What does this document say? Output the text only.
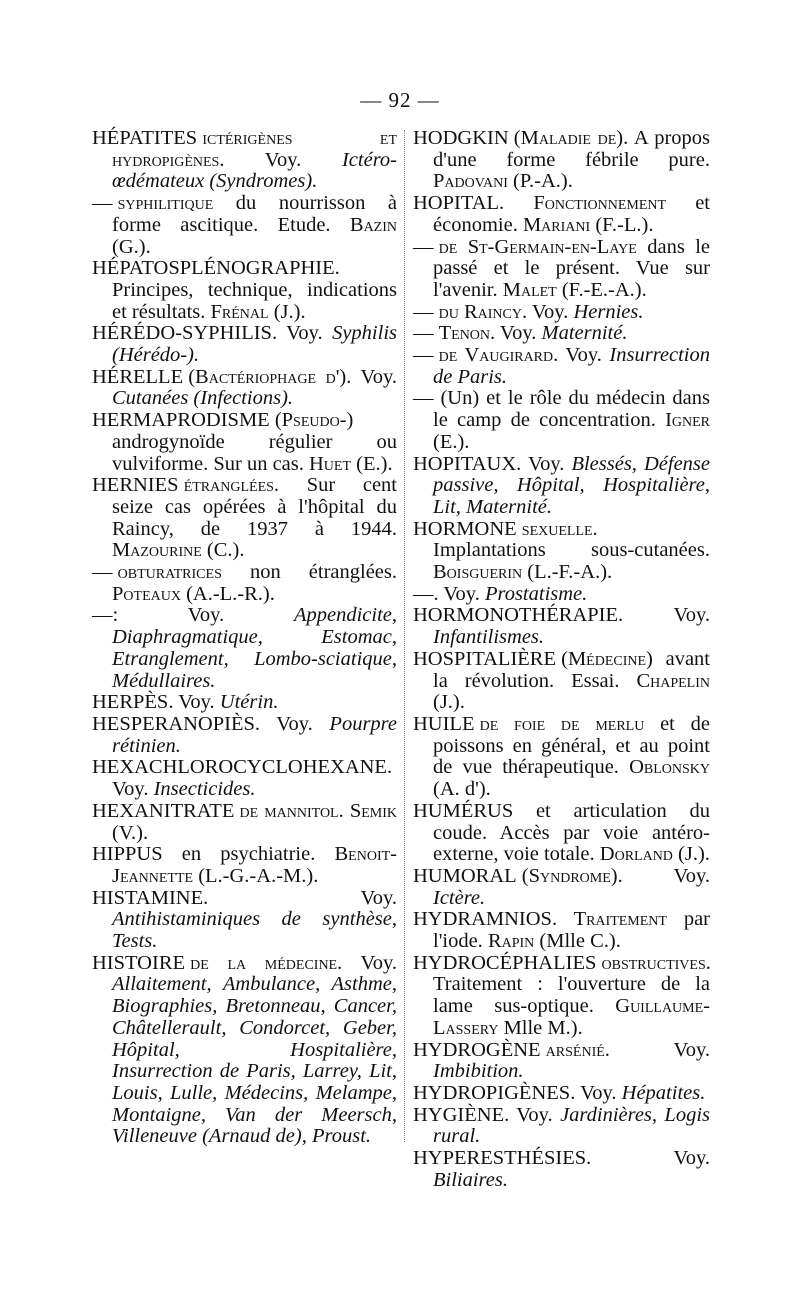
— 92 —

HÉPATITES ictérigènes et hydropigènes. Voy. Ictéro-œdémateux (Syndromes).

— syphilitique du nourrisson à forme ascitique. Etude. Bazin (G.).

HÉPATOSPLÉNOGRAPHIE. Principes, technique, indications et résultats. Frénal (J.).

HÉRÉDO-SYPHILIS. Voy. Syphilis (Hérédo-).

HÉRELLE (Bactériophage d'). Voy. Cutanées (Infections).

HERMAPRODISME (Pseudo-) androgynoïde régulier ou vulviforme. Sur un cas. Huet (E.).

HERNIES étranglées. Sur cent seize cas opérées à l'hôpital du Raincy, de 1937 à 1944. Mazourine (C.).

— obturatrices non étranglées. Poteaux (A.-L.-R.).

—: Voy. Appendicite, Diaphragmatique, Estomac, Etranglement, Lombo-sciatique, Médullaires.

HERPÈS. Voy. Utérin.

HESPERANOPIÈS. Voy. Pourpre rétinien.

HEXACHLOROCYCLOHEXANE. Voy. Insecticides.

HEXANITRATE de mannitol. Semik (V.).

HIPPUS en psychiatrie. Benoit-Jeannette (L.-G.-A.-M.).

HISTAMINE. Voy. Antihistaminiques de synthèse, Tests.

HISTOIRE de la médecine. Voy. Allaitement, Ambulance, Asthme, Biographies, Bretonneau, Cancer, Châtellerault, Condorcet, Geber, Hôpital, Hospitalière, Insurrection de Paris, Larrey, Lit, Louis, Lulle, Médecins, Melampe, Montaigne, Van der Meersch, Villeneuve (Arnaud de), Proust.

HODGKIN (Maladie de). A propos d'une forme fébrile pure. Padovani (P.-A.).

HOPITAL. Fonctionnement et économie. Mariani (F.-L.).

— de St-Germain-en-Laye dans le passé et le présent. Vue sur l'avenir. Malet (F.-E.-A.).

— du Raincy. Voy. Hernies.

— Tenon. Voy. Maternité.

— de Vaugirard. Voy. Insurrection de Paris.

— (Un) et le rôle du médecin dans le camp de concentration. Igner (E.).

HOPITAUX. Voy. Blessés, Défense passive, Hôpital, Hospitalière, Lit, Maternité.

HORMONE sexuelle. Implantations sous-cutanées. Boisguerin (L.-F.-A.).

—. Voy. Prostatisme.

HORMONOTHÉRAPIE. Voy. Infantilismes.

HOSPITALIÈRE (Médecine) avant la révolution. Essai. Chapelin (J.).

HUILE de foie de merlu et de poissons en général, et au point de vue thérapeutique. Oblonsky (A. d').

HUMÉRUS et articulation du coude. Accès par voie antéro-externe, voie totale. Dorland (J.).

HUMORAL (Syndrome). Voy. Ictère.

HYDRAMNIOS. Traitement par l'iode. Rapin (Mlle C.).

HYDROCÉPHALIES obstructives. Traitement : l'ouverture de la lame sus-optique. Guillaume-Lassery Mlle M.).

HYDROGÈNE arsénié. Voy. Imbibition.

HYDROPIGÈNES. Voy. Hépatites.

HYGIÈNE. Voy. Jardinières, Logis rural.

HYPERESTHÉSIES. Voy. Biliaires.
